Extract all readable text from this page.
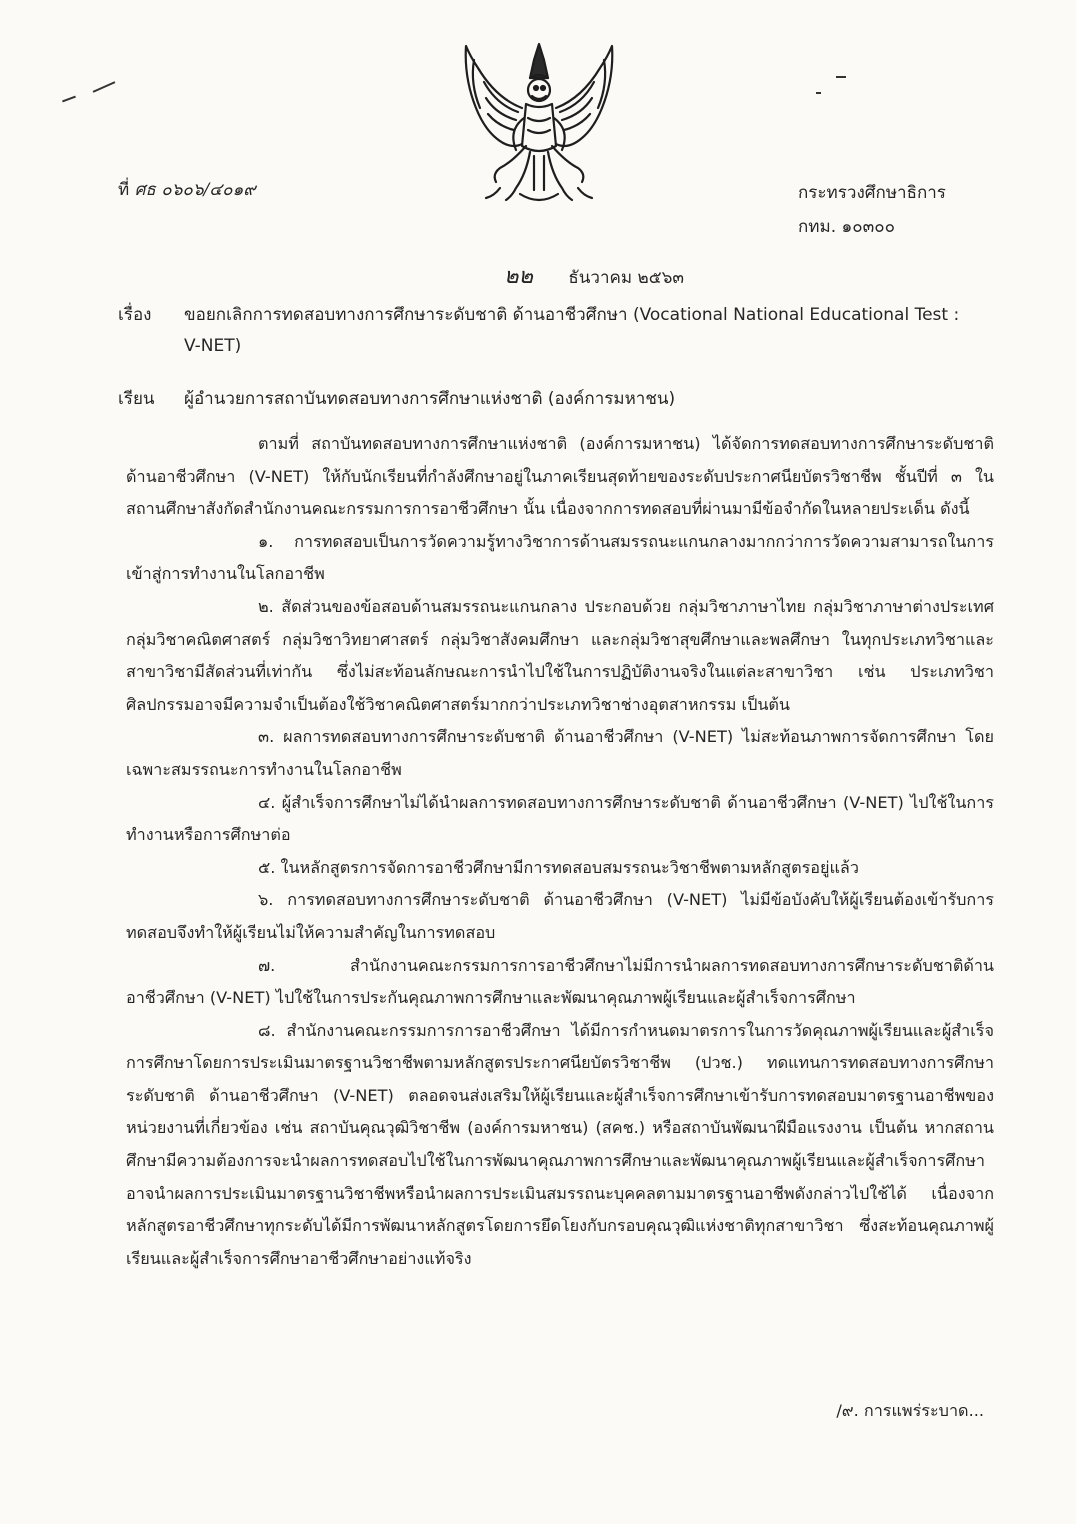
ที่ ศธ ๐๖๐๖/๔๐๑๙	กระทรวงศึกษาธิการ
กทม. ๑๐๓๐๐
๒๒ ธันวาคม ๒๕๖๓
เรื่อง ขอยกเลิกการทดสอบทางการศึกษาระดับชาติ ด้านอาชีวศึกษา (Vocational National Educational Test : V-NET)
เรียน ผู้อำนวยการสถาบันทดสอบทางการศึกษาแห่งชาติ (องค์การมหาชน)

ตามที่ สถาบันทดสอบทางการศึกษาแห่งชาติ (องค์การมหาชน) ได้จัดการทดสอบทางการศึกษาระดับชาติ ด้านอาชีวศึกษา (V-NET) ให้กับนักเรียนที่กำลังศึกษาอยู่ในภาคเรียนสุดท้ายของระดับประกาศนียบัตรวิชาชีพ ชั้นปีที่ ๓ ในสถานศึกษาสังกัดสำนักงานคณะกรรมการการอาชีวศึกษา นั้น เนื่องจากการทดสอบที่ผ่านมามีข้อจำกัดในหลายประเด็น ดังนี้

๑. การทดสอบเป็นการวัดความรู้ทางวิชาการด้านสมรรถนะแกนกลางมากกว่าการวัดความสามารถในการเข้าสู่การทำงานในโลกอาชีพ

๒. สัดส่วนของข้อสอบด้านสมรรถนะแกนกลาง ประกอบด้วย กลุ่มวิชาภาษาไทย กลุ่มวิชาภาษาต่างประเทศ กลุ่มวิชาคณิตศาสตร์ กลุ่มวิชาวิทยาศาสตร์ กลุ่มวิชาสังคมศึกษา และกลุ่มวิชาสุขศึกษาและพลศึกษา ในทุกประเภทวิชาและสาขาวิชามีสัดส่วนที่เท่ากัน ซึ่งไม่สะท้อนลักษณะการนำไปใช้ในการปฏิบัติงานจริงในแต่ละสาขาวิชา เช่น ประเภทวิชาศิลปกรรมอาจมีความจำเป็นต้องใช้วิชาคณิตศาสตร์มากกว่าประเภทวิชาช่างอุตสาหกรรม เป็นต้น

๓. ผลการทดสอบทางการศึกษาระดับชาติ ด้านอาชีวศึกษา (V-NET) ไม่สะท้อนภาพการจัดการศึกษา โดยเฉพาะสมรรถนะการทำงานในโลกอาชีพ

๔. ผู้สำเร็จการศึกษาไม่ได้นำผลการทดสอบทางการศึกษาระดับชาติ ด้านอาชีวศึกษา (V-NET) ไปใช้ในการทำงานหรือการศึกษาต่อ

๕. ในหลักสูตรการจัดการอาชีวศึกษามีการทดสอบสมรรถนะวิชาชีพตามหลักสูตรอยู่แล้ว

๖. การทดสอบทางการศึกษาระดับชาติ ด้านอาชีวศึกษา (V-NET) ไม่มีข้อบังคับให้ผู้เรียนต้องเข้ารับการทดสอบจึงทำให้ผู้เรียนไม่ให้ความสำคัญในการทดสอบ

๗. สำนักงานคณะกรรมการการอาชีวศึกษาไม่มีการนำผลการทดสอบทางการศึกษาระดับชาติด้านอาชีวศึกษา (V-NET) ไปใช้ในการประกันคุณภาพการศึกษาและพัฒนาคุณภาพผู้เรียนและผู้สำเร็จการศึกษา

๘. สำนักงานคณะกรรมการการอาชีวศึกษา ได้มีการกำหนดมาตรการในการวัดคุณภาพผู้เรียนและผู้สำเร็จการศึกษาโดยการประเมินมาตรฐานวิชาชีพตามหลักสูตรประกาศนียบัตรวิชาชีพ (ปวช.) ทดแทนการทดสอบทางการศึกษาระดับชาติ ด้านอาชีวศึกษา (V-NET) ตลอดจนส่งเสริมให้ผู้เรียนและผู้สำเร็จการศึกษาเข้ารับการทดสอบมาตรฐานอาชีพของหน่วยงานที่เกี่ยวข้อง เช่น สถาบันคุณวุฒิวิชาชีพ (องค์การมหาชน) (สคช.) หรือสถาบันพัฒนาฝีมือแรงงาน เป็นต้น หากสถานศึกษามีความต้องการจะนำผลการทดสอบไปใช้ในการพัฒนาคุณภาพการศึกษาและพัฒนาคุณภาพผู้เรียนและผู้สำเร็จการศึกษา อาจนำผลการประเมินมาตรฐานวิชาชีพหรือนำผลการประเมินสมรรถนะบุคคลตามมาตรฐานอาชีพดังกล่าวไปใช้ได้ เนื่องจากหลักสูตรอาชีวศึกษาทุกระดับได้มีการพัฒนาหลักสูตรโดยการยึดโยงกับกรอบคุณวุฒิแห่งชาติทุกสาขาวิชา ซึ่งสะท้อนคุณภาพผู้เรียนและผู้สำเร็จการศึกษาอาชีวศึกษาอย่างแท้จริง

/๙. การแพร่ระบาด...
